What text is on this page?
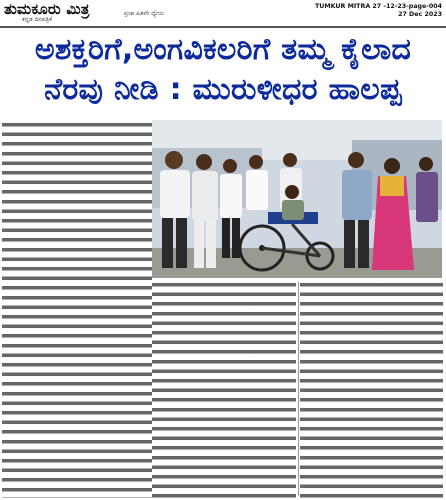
ತುಮಕೂರು ಮಿತ್ರ
ಕನ್ನಡ ದಿನಪತ್ರಿಕೆ
ಪ್ರಜಾ ಹಿತವೇ ಧ್ಯೇಯ
TUMKUR MITRA 27 -12-23-page-004
27 Dec 2023
ಅಶಕ್ತರಿಗೆ,ಅಂಗವಿಕಲರಿಗೆ ತಮ್ಮ ಕೈಲಾದ
ನೆರವು ನೀಡಿ : ಮುರುಳೀಧರ ಹಾಲಪ್ಪ
